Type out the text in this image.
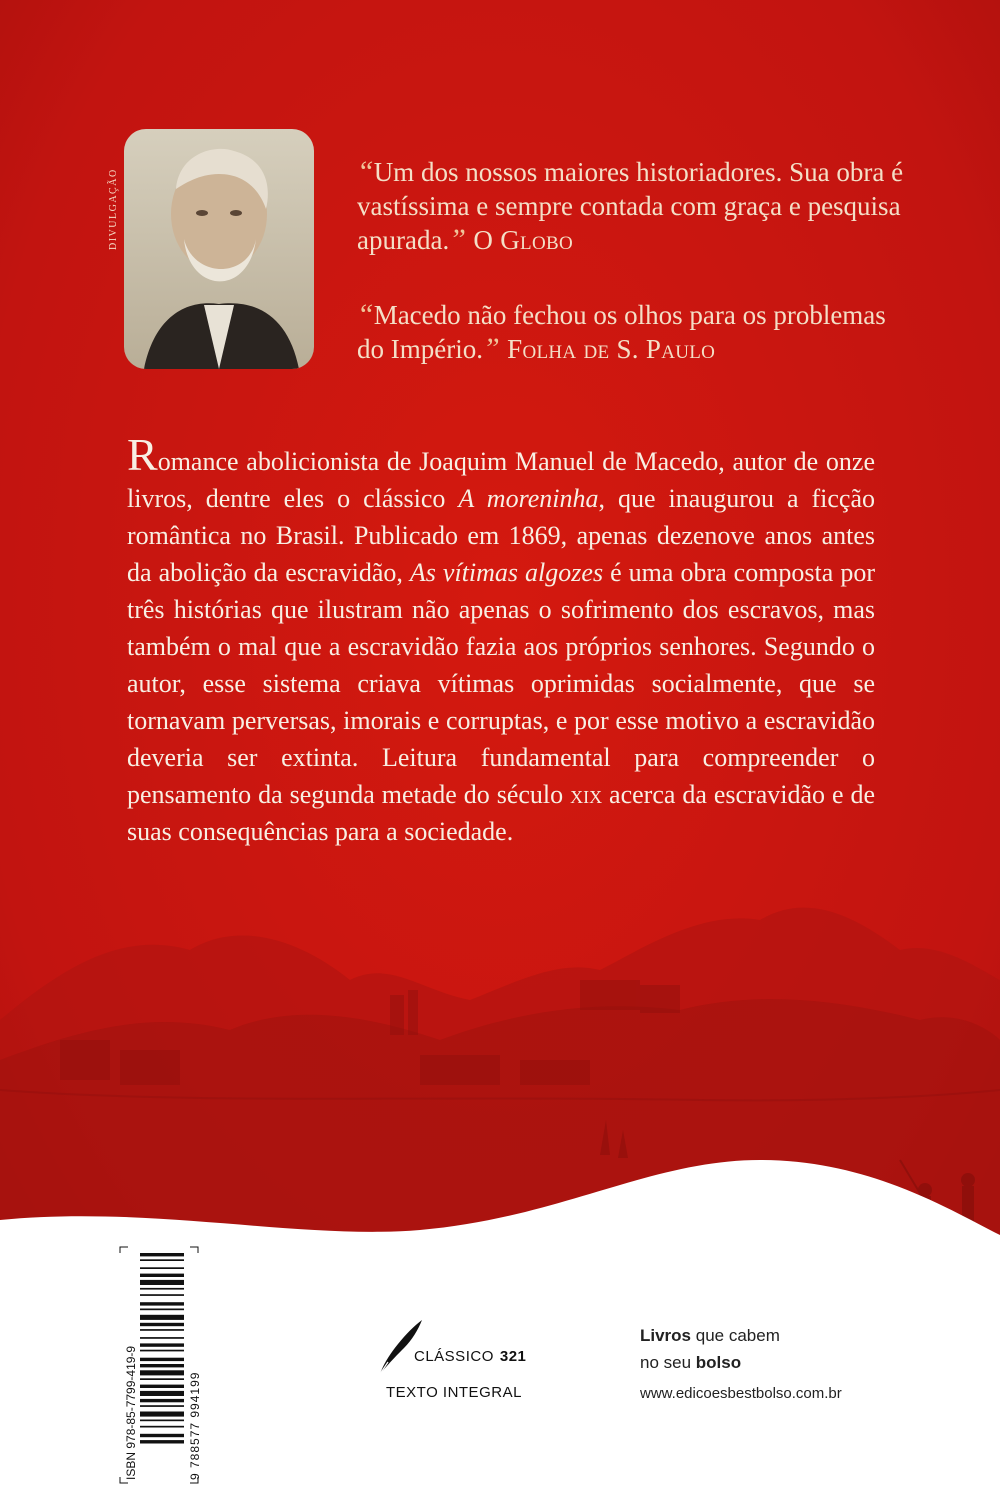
DIVULGAÇÃO	“Um dos nossos maiores historiadores. Sua obra é vastíssima e sempre contada com graça e pesquisa apurada.” O Globo

“Macedo não fechou os olhos para os problemas do Império.” Folha de S. Paulo

Romance abolicionista de Joaquim Manuel de Macedo, autor de onze livros, dentre eles o clássico A moreninha, que inaugurou a ficção romântica no Brasil. Publicado em 1869, apenas dezenove anos antes da abolição da escravidão, As vítimas algozes é uma obra composta por três histórias que ilustram não apenas o sofrimento dos escravos, mas também o mal que a escravidão fazia aos próprios senhores. Segundo o autor, esse sistema criava vítimas oprimidas socialmente, que se tornavam perversas, imorais e corruptas, e por esse motivo a escravidão deveria ser extinta. Leitura fundamental para compreender o pensamento da segunda metade do século xix acerca da escravidão e de suas consequências para a sociedade.

ISBN 978-85-7799-419-9	9 788577 994199
CLÁSSICO 321
TEXTO INTEGRAL

Livros que cabem
no seu bolso

www.edicoesbestbolso.com.br
